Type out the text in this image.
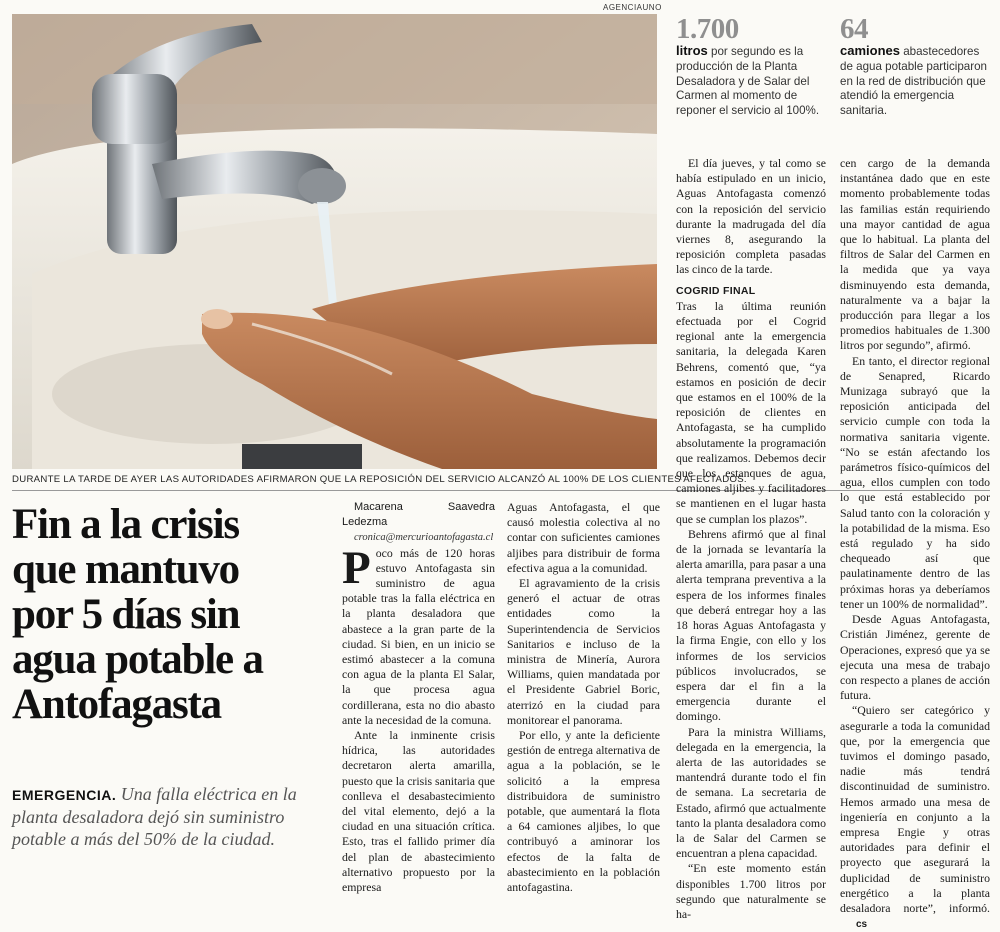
AGENCIAUNO
DURANTE LA TARDE DE AYER LAS AUTORIDADES AFIRMARON QUE LA REPOSICIÓN DEL SERVICIO ALCANZÓ AL 100% DE LOS CLIENTES AFECTADOS.
Fin a la crisis
que mantuvo
por 5 días sin
agua potable a
Antofagasta
EMERGENCIA. Una falla eléctrica en la planta desaladora dejó sin suministro potable a más del 50% de la ciudad.
1.700
litros por segundo es la producción de la Planta Desaladora y de Salar del Carmen al momento de reponer el servicio al 100%.
64
camiones abastecedores de agua potable participaron en la red de distribución que atendió la emergencia sanitaria.

Macarena Saavedra Ledezma

cronica@mercurioantofagasta.cl

Poco más de 120 horas estuvo Antofagasta sin suministro de agua potable tras la falla eléctrica en la planta desaladora que abastece a la gran parte de la ciudad. Si bien, en un inicio se estimó abastecer a la comuna con agua de la planta El Salar, la que procesa agua cordillerana, esta no dio abasto ante la necesidad de la comuna.

Ante la inminente crisis hídrica, las autoridades decretaron alerta amarilla, puesto que la crisis sanitaria que conlleva el desabastecimiento del vital elemento, dejó a la ciudad en una situación crítica. Esto, tras el fallido primer día del plan de abastecimiento alternativo propuesto por la empresa

Aguas Antofagasta, el que causó molestia colectiva al no contar con suficientes camiones aljibes para distribuir de forma efectiva agua a la comunidad.

El agravamiento de la crisis generó el actuar de otras entidades como la Superintendencia de Servicios Sanitarios e incluso de la ministra de Minería, Aurora Williams, quien mandatada por el Presidente Gabriel Boric, aterrizó en la ciudad para monitorear el panorama.

Por ello, y ante la deficiente gestión de entrega alternativa de agua a la población, se le solicitó a la empresa distribuidora de suministro potable, que aumentará la flota a 64 camiones aljibes, lo que contribuyó a aminorar los efectos de la falta de abastecimiento en la población antofagastina.

El día jueves, y tal como se había estipulado en un inicio, Aguas Antofagasta comenzó con la reposición del servicio durante la madrugada del día viernes 8, asegurando la reposición completa pasadas las cinco de la tarde.

COGRID FINAL

Tras la última reunión efectuada por el Cogrid regional ante la emergencia sanitaria, la delegada Karen Behrens, comentó que, “ya estamos en posición de decir que estamos en el 100% de la reposición de clientes en Antofagasta, se ha cumplido absolutamente la programación que realizamos. Debemos decir que los estanques de agua, camiones aljibes y facilitadores se mantienen en el lugar hasta que se cumplan los plazos”.

Behrens afirmó que al final de la jornada se levantaría la alerta amarilla, para pasar a una alerta temprana preventiva a la espera de los informes finales que deberá entregar hoy a las 18 horas Aguas Antofagasta y la firma Engie, con ello y los informes de los servicios públicos involucrados, se espera dar el fin a la emergencia durante el domingo.

Para la ministra Williams, delegada en la emergencia, la alerta de las autoridades se mantendrá durante todo el fin de semana. La secretaria de Estado, afirmó que actualmente tanto la planta desaladora como la de Salar del Carmen se encuentran a plena capacidad.

“En este momento están disponibles 1.700 litros por segundo que naturalmente se ha-

cen cargo de la demanda instantánea dado que en este momento probablemente todas las familias están requiriendo una mayor cantidad de agua que lo habitual. La planta del filtros de Salar del Carmen en la medida que ya vaya disminuyendo esta demanda, naturalmente va a bajar la producción para llegar a los promedios habituales de 1.300 litros por segundo”, afirmó.

En tanto, el director regional de Senapred, Ricardo Munizaga subrayó que la reposición anticipada del servicio cumple con toda la normativa sanitaria vigente. “No se están afectando los parámetros físico-químicos del agua, ellos cumplen con todo lo que está establecido por Salud tanto con la coloración y la potabilidad de la misma. Eso está regulado y ha sido chequeado así que paulatinamente dentro de las próximas horas ya deberíamos tener un 100% de normalidad”.

Desde Aguas Antofagasta, Cristián Jiménez, gerente de Operaciones, expresó que ya se ejecuta una mesa de trabajo con respecto a planes de acción futura.

“Quiero ser categórico y asegurarle a toda la comunidad que, por la emergencia que tuvimos el domingo pasado, nadie más tendrá discontinuidad de suministro. Hemos armado una mesa de ingeniería en conjunto a la empresa Engie y otras autoridades para definir el proyecto que asegurará la duplicidad de suministro energético a la planta desaladora norte”, informó.cs
